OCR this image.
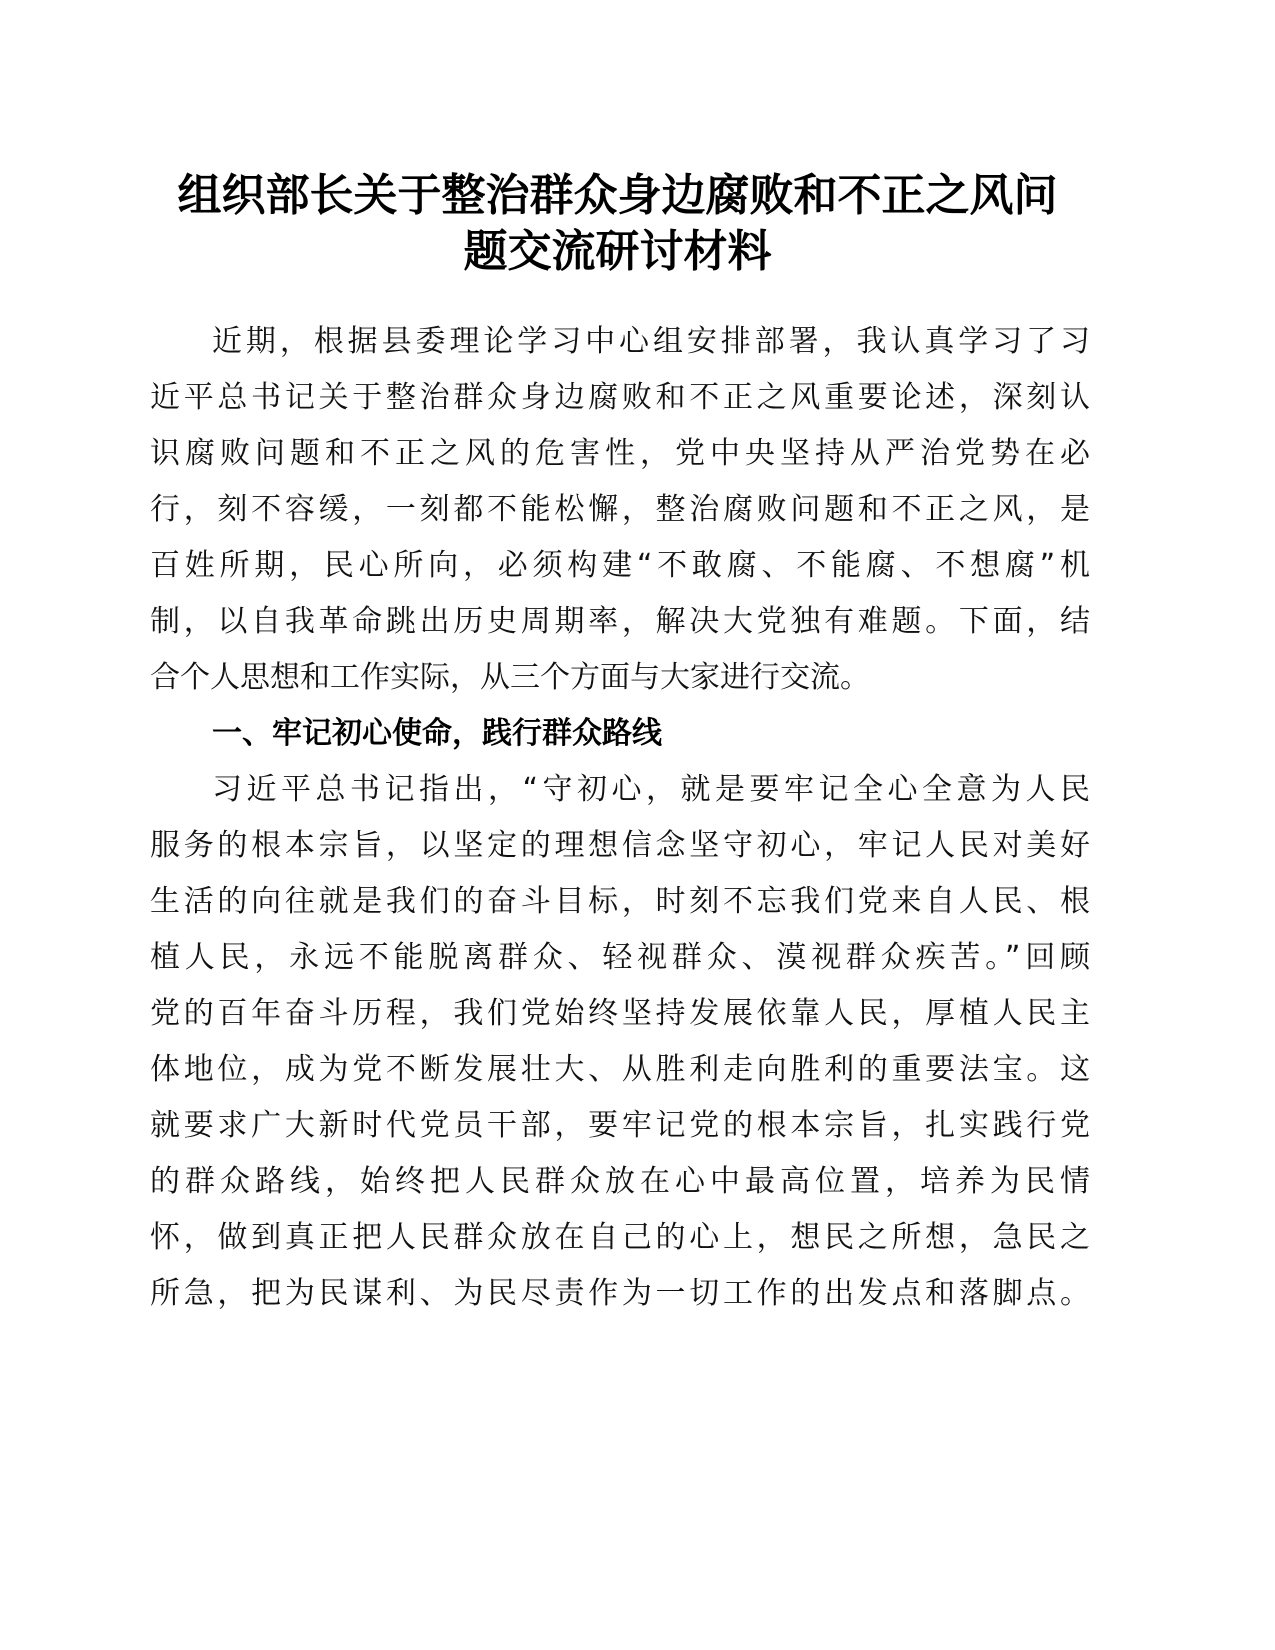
组织部长关于整治群众身边腐败和不正之风问
题交流研讨材料
近期，根据县委理论学习中心组安排部署，我认真学习了习
近平总书记关于整治群众身边腐败和不正之风重要论述，深刻认
识腐败问题和不正之风的危害性，党中央坚持从严治党势在必
行，刻不容缓，一刻都不能松懈，整治腐败问题和不正之风，是
百姓所期，民心所向，必须构建“不敢腐、不能腐、不想腐”机
制，以自我革命跳出历史周期率，解决大党独有难题。下面，结
合个人思想和工作实际，从三个方面与大家进行交流。
一、牢记初心使命，践行群众路线
习近平总书记指出，“守初心，就是要牢记全心全意为人民
服务的根本宗旨，以坚定的理想信念坚守初心，牢记人民对美好
生活的向往就是我们的奋斗目标，时刻不忘我们党来自人民、根
植人民，永远不能脱离群众、轻视群众、漠视群众疾苦。”回顾
党的百年奋斗历程，我们党始终坚持发展依靠人民，厚植人民主
体地位，成为党不断发展壮大、从胜利走向胜利的重要法宝。这
就要求广大新时代党员干部，要牢记党的根本宗旨，扎实践行党
的群众路线，始终把人民群众放在心中最高位置，培养为民情
怀，做到真正把人民群众放在自己的心上，想民之所想，急民之
所急，把为民谋利、为民尽责作为一切工作的出发点和落脚点。
